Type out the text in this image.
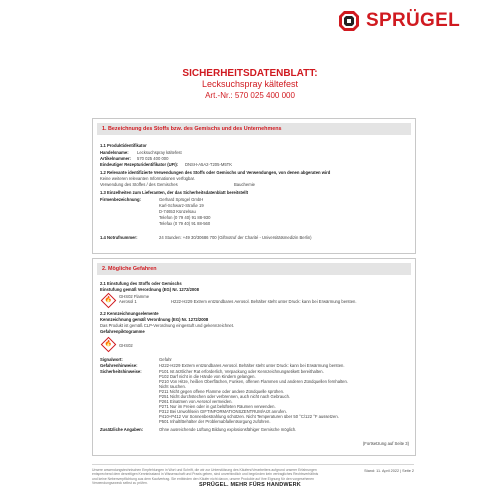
SPRÜGEL
SICHERHEITSDATENBLATT:
Lecksuchspray kältefest
Art.-Nr.: 570 025 400 000
1. Bezeichnung des Stoffs bzw. des Gemischs und des Unternehmens
1.1 Produktidentifikator
Handelsname: Lecksuchspray kältefest
Artikelnummer: 570 025 400 000
Eindeutiger Rezepturidentifikator (UFI): DNSH-A5A2-T205-M5TK
1.2 Relevante identifizierte Verwendungen des Stoffs oder Gemischs und Verwendungen, von denen abgeraten wird
Keine weiteren relevanten Informationen verfügbar.
Verwendung des Stoffes / des Gemisches	Bauchemie
1.3 Einzelheiten zum Lieferanten, der das Sicherheitsdatenblatt bereitstellt
Firmenbezeichnung:	Gerhard Sprügel GmbH
Karl-Schwarz-Straße 19
D-74653 Künzelsau
Telefon (0 79 40) 91 88-930
Telefax (0 79 40) 91 88-560
1.4 Notrufnummer:	24 Stunden: +49 30/30686 700 (Giftnotruf der Charité - Universitätsmedizin Berlin)
2. Mögliche Gefahren
2.1 Einstufung des Stoffs oder Gemischs
Einstufung gemäß Verordnung (EG) Nr. 1272/2008
🔥
GHS02 Flamme
Aerosol 1	H222-H229 Extrem entzündbares Aerosol. Behälter steht unter Druck: kann bei Erwärmung bersten.
2.2 Kennzeichnungselemente
Kennzeichnung gemäß Verordnung (EG) Nr. 1272/2008
Das Produkt ist gemäß CLP-Verordnung eingestuft und gekennzeichnet.
Gefahrenpiktogramme
🔥 GHS02
Signalwort:	Gefahr
Gefahrenhinweise:	H222-H229 Extrem entzündbares Aerosol. Behälter steht unter Druck: kann bei Erwärmung bersten.
Sicherheitshinweise:	P101 Ist ärztlicher Rat erforderlich, Verpackung oder Kennzeichnungsetikett bereithalten.
P102 Darf nicht in die Hände von Kindern gelangen.
P210 Von Hitze, heißen Oberflächen, Funken, offenen Flammen und anderen Zündquellen fernhalten.
Nicht rauchen.
P211 Nicht gegen offene Flamme oder andere Zündquelle sprühen.
P251 Nicht durchstechen oder verbrennen, auch nicht nach Gebrauch.
P261 Einatmen von Aerosol vermeiden.
P271 Nur im Freien oder in gut belüfteten Räumen verwenden.
P312 Bei Unwohlsein GIFTINFORMATIONSZENTRUM/Arzt anrufen.
P410+P412 Vor Sonnenbestrahlung schützen. Nicht Temperaturen über 50 °C/122 °F aussetzen.
P501 Inhalt/Behälter der Problemabfallentsorgung zuführen.
Zusätzliche Angaben:	Ohne ausreichende Lüftung Bildung explosionsfähiger Gemische möglich.
(Fortsetzung auf Seite 3)
Unsere anwendungstechnischen Empfehlungen in Wort und Schrift, die wir zur Unterstützung des Käufers/Verarbeiters aufgrund unserer Erfahrungen entsprechend dem derzeitigen Kenntnisstand in Wissenschaft und Praxis geben, sind unverbindlich und begründen kein vertragliches Rechtsverhältnis und keine Nebenverpflichtung aus dem Kaufvertrag. Sie entbinden den Käufer nicht davon, unsere Produkte auf ihre Eignung für den vorgesehenen Verwendungszweck selbst zu prüfen.
Stand: 11. April 2022 | Seite 2
SPRÜGEL. MEHR FÜRS HANDWERK
